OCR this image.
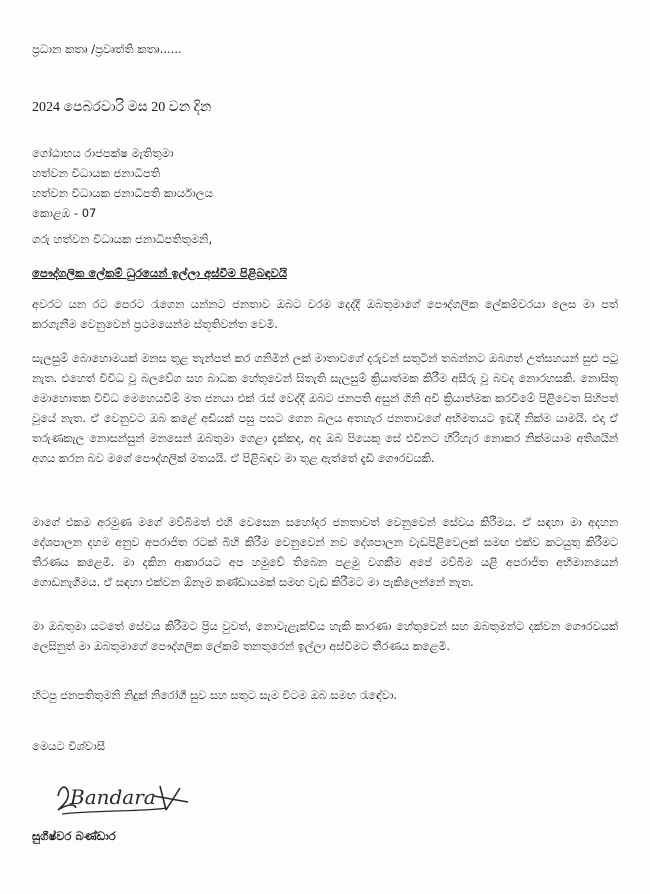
ප්‍රධාන කතෘ /ප්‍රවෘත්ති කතෘ......
2024 පෙබරවාරි මස 20 වන දින
ගෝඨාභය රාජපක්ෂ මැතිතුමා
හත්වන විධායක ජනාධිපති
හත්වන විධායක ජනාධිපති කාර්යාලය
කොළඹ - 07
ගරු හත්වන විධායක ජනාධිපතිතුමනි,
පෞද්ගලික ලේකම් ධුරයෙන් ඉල්ලා අස්වීම පිළිබඳවයි
අවරට යන රට පෙරට රැගෙන යන්නට ජනතාව ඔබට වරම දෙද්දී ඔබතුමාගේ පෞද්ගලික ලේකම්වරයා ලෙස මා පත් කරගැනීම වෙනුවෙන් ප්‍රථමයෙන්ම ස්තූතිවන්ත වෙමි.
සැලසුම් බොහොමයක් මනස තුළ තැන්පත් කර ගනිමින් ලක් මාතාවගේ දරුවන් සතුටින් තබන්නට ඔබගත් උත්සහයන් සුළු පටු නැත. එහෙත් විවිධ වූ බලවේග සහ බාධක හේතුවෙන් සිතැති සැලසුම් ක්‍රියාත්මක කිරීම අසීරු වූ බවද නොරහසකි. නොසිතූ මොහොතක විවිධ මෙහෙයවීම් මත ජනයා එක් රැස් වෙද්දී ඔබට ජනපති අසුන් ගිනි අවි ක්‍රියාත්මක කරවීමේ පිළිවෙත සිහිපත් වූයේ නැත. ඒ වෙනුවට ඔබ කළේ අඩියක් පසු පසට ගෙන බලය අතහැර ජනතාවගේ අභිමතයට ඉඩදී නික්ම යාමයි. එදා ඒ තරුණකැල නොසන්සුන් මනසෙන් ඔබතුමා ගෙළා දැක්කද, අද ඔබ පියෙකු සේ එවිනට හිරිහැර නොකර නික්මයාම අතිශයින් අගය කරන බව මගේ පෞද්ගලික් මතයයි. ඒ පිළිබඳව මා තුළ ඇත්තේ දැඩි ගෞරවයකි.
මාගේ එකම අරමුණ මගේ මව්බිමත් එහි වෙසෙන සහෝදර ජනතාවත් වෙනුවෙන් සේවය කිරීමය. ඒ සඳහා මා අදහන දේශපාලන දහම අනුව අපරාජිත රටක් බිහි කිරීම වෙනුවෙන් නව දේශපාලන වැඩපිළිවෙලක් සමඟ එක්ව කටයුතු කිරීමට තීරණය කළෙමි. මා දකින ආකාරයට අප හමුවේ තිබෙන පළමු වගකීම අපේ මව්බිම යළි අපරාජිත අභිමානයෙන් ගොඩනැගීමය. ඒ සඳහා එක්වන ඕනෑම කණ්ඩායමක් සමඟ වැඩ කිරීමට මා පැකිලෙන්නේ නැත.
මා ඔබතුමා යටතේ සේවය කිරීමට ප්‍රිය වුවත්, නොවැළැක්විය හැකි කාරණා හේතුවෙන් සහ ඔබතුමන්ට දක්වන ගෞරවයක් ලෙසිනුත් මා ඔබතුමාගේ පෞද්ගලික ලේකම් තනතුරෙන් ඉල්ලා අස්වීමට තීරණය කළෙමි.
හිටපු ජනපතිතුමනි නිදුක් නිරෝගී සුව සහ සතුට සැම විටම ඔබ සමඟ රැඳේවා.
මෙයට විශ්වාසී
Bandara
සුගීෂ්වර බණ්ඩාර
